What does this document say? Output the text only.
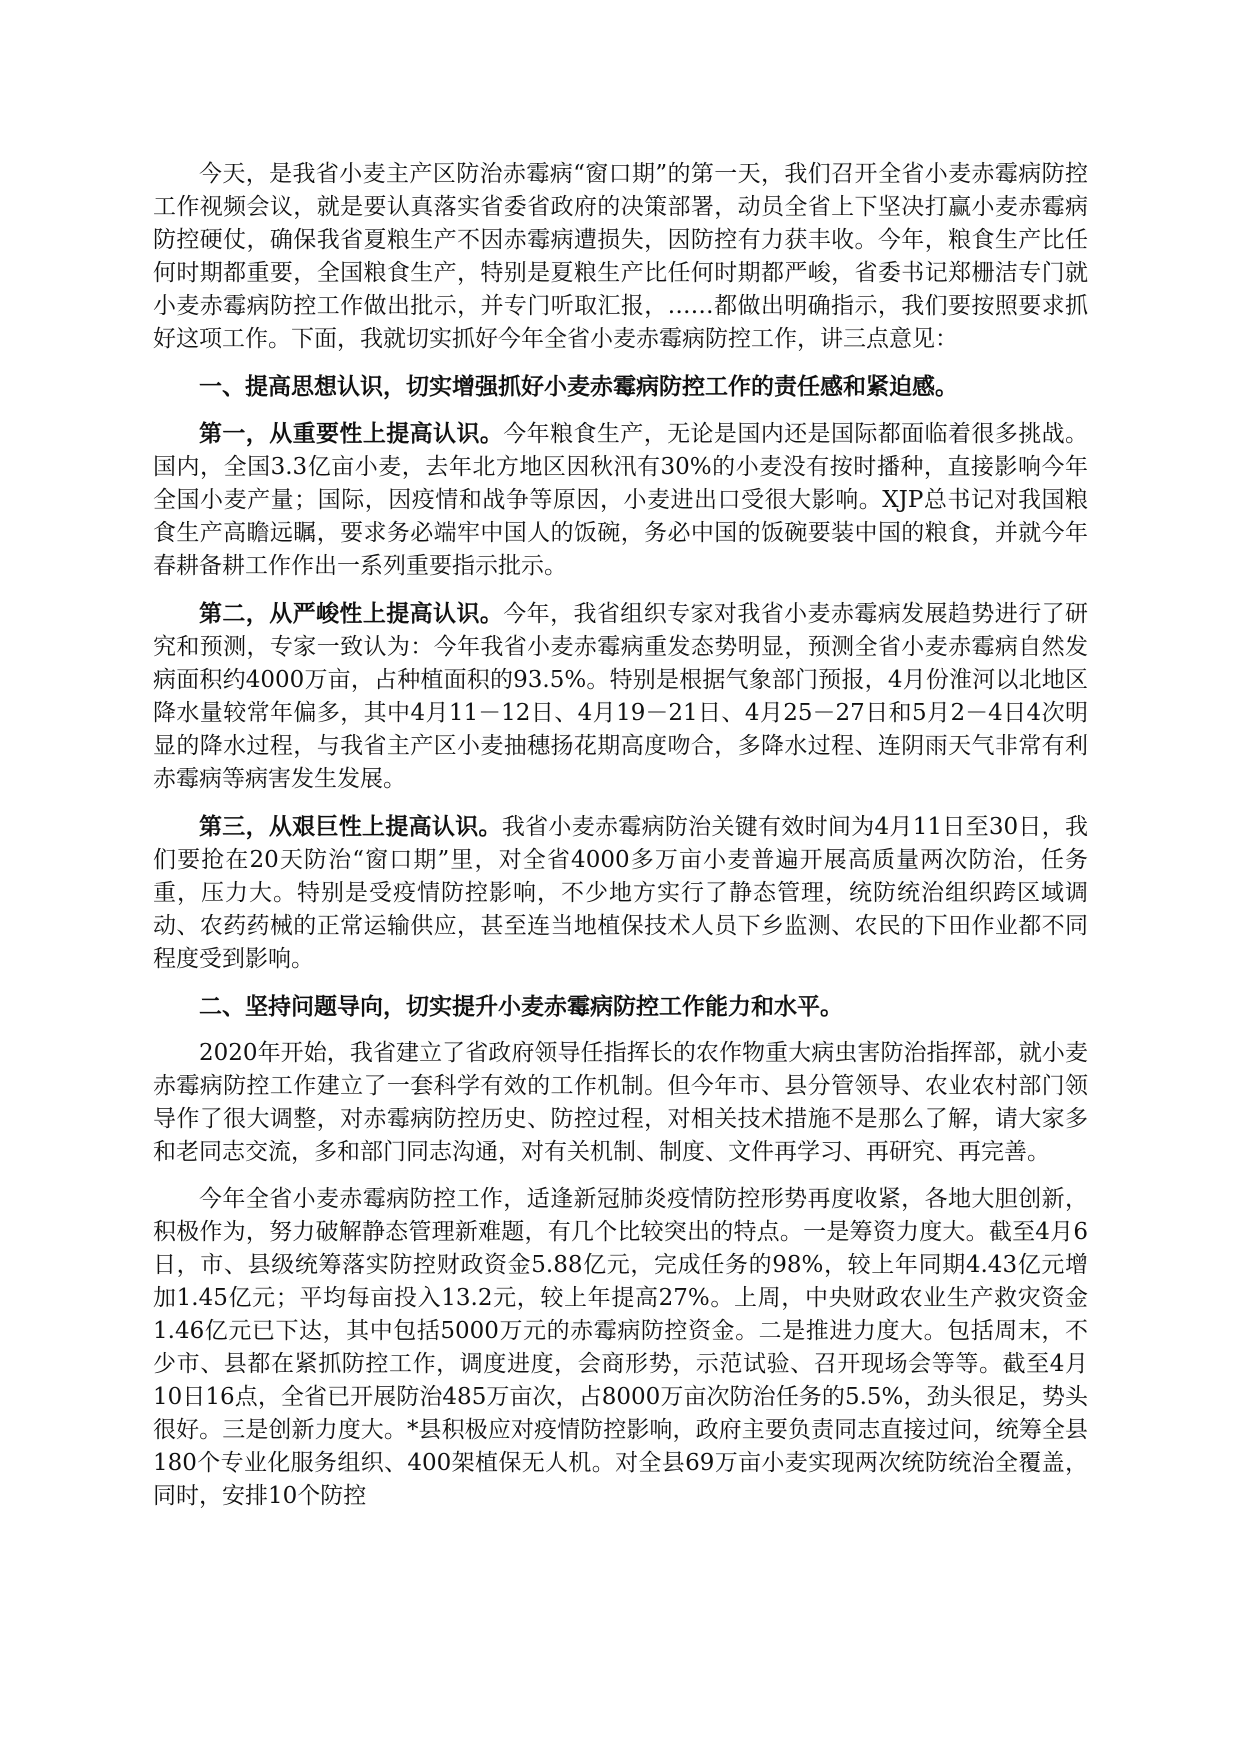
今天，是我省小麦主产区防治赤霉病“窗口期”的第一天，我们召开全省小麦赤霉病防控工作视频会议，就是要认真落实省委省政府的决策部署，动员全省上下坚决打赢小麦赤霉病防控硬仗，确保我省夏粮生产不因赤霉病遭损失，因防控有力获丰收。今年，粮食生产比任何时期都重要，全国粮食生产，特别是夏粮生产比任何时期都严峻，省委书记郑栅洁专门就小麦赤霉病防控工作做出批示，并专门听取汇报，……都做出明确指示，我们要按照要求抓好这项工作。下面，我就切实抓好今年全省小麦赤霉病防控工作，讲三点意见：

一、提高思想认识，切实增强抓好小麦赤霉病防控工作的责任感和紧迫感。

第一，从重要性上提高认识。今年粮食生产，无论是国内还是国际都面临着很多挑战。国内，全国3.3亿亩小麦，去年北方地区因秋汛有30%的小麦没有按时播种，直接影响今年全国小麦产量；国际，因疫情和战争等原因，小麦进出口受很大影响。XJP总书记对我国粮食生产高瞻远瞩，要求务必端牢中国人的饭碗，务必中国的饭碗要装中国的粮食，并就今年春耕备耕工作作出一系列重要指示批示。

第二，从严峻性上提高认识。今年，我省组织专家对我省小麦赤霉病发展趋势进行了研究和预测，专家一致认为：今年我省小麦赤霉病重发态势明显，预测全省小麦赤霉病自然发病面积约4000万亩，占种植面积的93.5%。特别是根据气象部门预报，4月份淮河以北地区降水量较常年偏多，其中4月11－12日、4月19－21日、4月25－27日和5月2－4日4次明显的降水过程，与我省主产区小麦抽穗扬花期高度吻合，多降水过程、连阴雨天气非常有利赤霉病等病害发生发展。

第三，从艰巨性上提高认识。我省小麦赤霉病防治关键有效时间为4月11日至30日，我们要抢在20天防治“窗口期”里，对全省4000多万亩小麦普遍开展高质量两次防治，任务重，压力大。特别是受疫情防控影响，不少地方实行了静态管理，统防统治组织跨区域调动、农药药械的正常运输供应，甚至连当地植保技术人员下乡监测、农民的下田作业都不同程度受到影响。

二、坚持问题导向，切实提升小麦赤霉病防控工作能力和水平。

2020年开始，我省建立了省政府领导任指挥长的农作物重大病虫害防治指挥部，就小麦赤霉病防控工作建立了一套科学有效的工作机制。但今年市、县分管领导、农业农村部门领导作了很大调整，对赤霉病防控历史、防控过程，对相关技术措施不是那么了解，请大家多和老同志交流，多和部门同志沟通，对有关机制、制度、文件再学习、再研究、再完善。

今年全省小麦赤霉病防控工作，适逢新冠肺炎疫情防控形势再度收紧，各地大胆创新，积极作为，努力破解静态管理新难题，有几个比较突出的特点。一是筹资力度大。截至4月6日，市、县级统筹落实防控财政资金5.88亿元，完成任务的98%，较上年同期4.43亿元增加1.45亿元；平均每亩投入13.2元，较上年提高27%。上周，中央财政农业生产救灾资金1.46亿元已下达，其中包括5000万元的赤霉病防控资金。二是推进力度大。包括周末，不少市、县都在紧抓防控工作，调度进度，会商形势，示范试验、召开现场会等等。截至4月10日16点，全省已开展防治485万亩次，占8000万亩次防治任务的5.5%，劲头很足，势头很好。三是创新力度大。*县积极应对疫情防控影响，政府主要负责同志直接过问，统筹全县180个专业化服务组织、400架植保无人机。对全县69万亩小麦实现两次统防统治全覆盖，同时，安排10个防控
